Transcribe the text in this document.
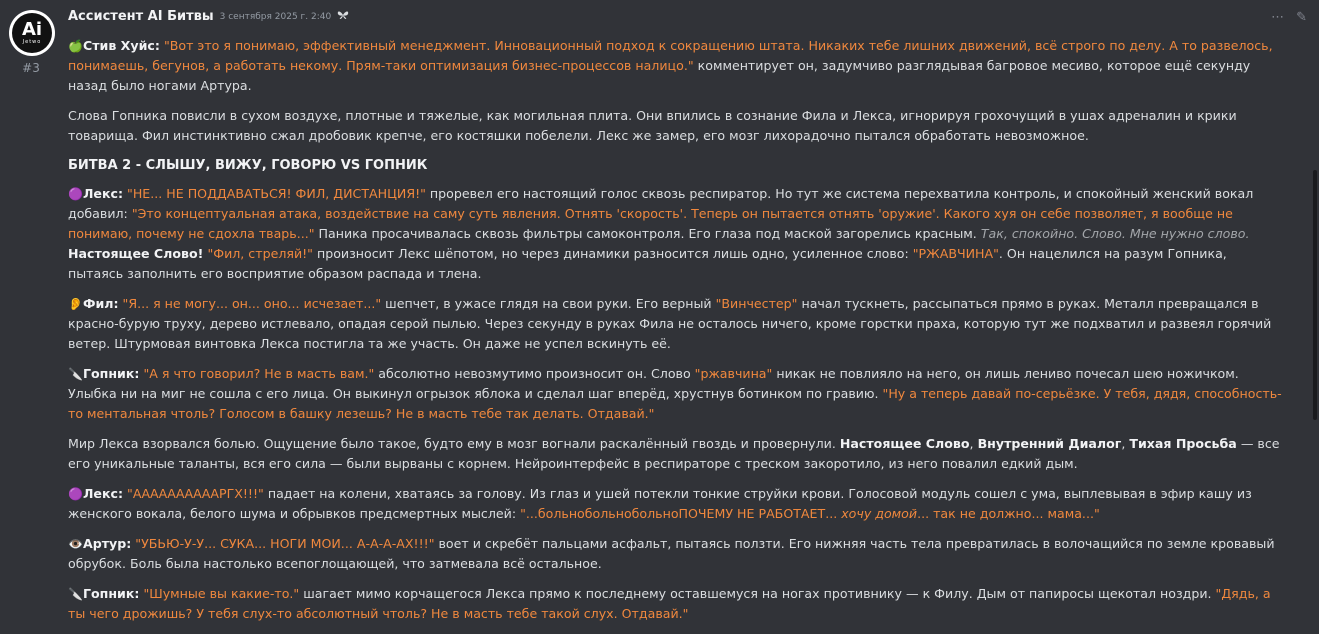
Ai
Jetwo
#3
Ассистент AI Битвы 3 сентября 2025 г. 2:40	⋯ ✎

🍏Стив Хуйс: "Вот это я понимаю, эффективный менеджмент. Инновационный подход к сокращению штата. Никаких тебе лишних движений, всё строго по делу. А то развелось, понимаешь, бегунов, а работать некому. Прям-таки оптимизация бизнес-процессов налицо." комментирует он, задумчиво разглядывая багровое месиво, которое ещё секунду назад было ногами Артура.

Слова Гопника повисли в сухом воздухе, плотные и тяжелые, как могильная плита. Они впились в сознание Фила и Лекса, игнорируя грохочущий в ушах адреналин и крики товарища. Фил инстинктивно сжал дробовик крепче, его костяшки побелели. Лекс же замер, его мозг лихорадочно пытался обработать невозможное.

БИТВА 2 - СЛЫШУ, ВИЖУ, ГОВОРЮ VS ГОПНИК

🟣Лекс: "НЕ... НЕ ПОДДАВАТЬСЯ! ФИЛ, ДИСТАНЦИЯ!" проревел его настоящий голос сквозь респиратор. Но тут же система перехватила контроль, и спокойный женский вокал добавил: "Это концептуальная атака, воздействие на саму суть явления. Отнять 'скорость'. Теперь он пытается отнять 'оружие'. Какого хуя он себе позволяет, я вообще не понимаю, почему не сдохла тварь..." Паника просачивалась сквозь фильтры самоконтроля. Его глаза под маской загорелись красным. Так, спокойно. Слово. Мне нужно слово. Настоящее Слово! "Фил, стреляй!" произносит Лекс шёпотом, но через динамики разносится лишь одно, усиленное слово: "РЖАВЧИНА". Он нацелился на разум Гопника, пытаясь заполнить его восприятие образом распада и тлена.

👂Фил: "Я... я не могу... он... оно... исчезает..." шепчет, в ужасе глядя на свои руки. Его верный "Винчестер" начал тускнеть, рассыпаться прямо в руках. Металл превращался в красно-бурую труху, дерево истлевало, опадая серой пылью. Через секунду в руках Фила не осталось ничего, кроме горстки праха, которую тут же подхватил и развеял горячий ветер. Штурмовая винтовка Лекса постигла та же участь. Он даже не успел вскинуть её.

🔪Гопник: "А я что говорил? Не в масть вам." абсолютно невозмутимо произносит он. Слово "ржавчина" никак не повлияло на него, он лишь лениво почесал шею ножичком. Улыбка ни на миг не сошла с его лица. Он выкинул огрызок яблока и сделал шаг вперёд, хрустнув ботинком по гравию. "Ну а теперь давай по-серьёзке. У тебя, дядя, способность-то ментальная чтоль? Голосом в башку лезешь? Не в масть тебе так делать. Отдавай."

Мир Лекса взорвался болью. Ощущение было такое, будто ему в мозг вогнали раскалённый гвоздь и провернули. Настоящее Слово, Внутренний Диалог, Тихая Просьба — все его уникальные таланты, вся его сила — были вырваны с корнем. Нейроинтерфейс в респираторе с треском закоротило, из него повалил едкий дым.

🟣Лекс: "ААААААААААРГХ!!!" падает на колени, хватаясь за голову. Из глаз и ушей потекли тонкие струйки крови. Голосовой модуль сошел с ума, выплевывая в эфир кашу из женского вокала, белого шума и обрывков предсмертных мыслей: "...больнобольнобольноПОЧЕМУ НЕ РАБОТАЕТ... хочу домой... так не должно... мама..."

👁️Артур: "УБЬЮ-У-У... СУКА... НОГИ МОИ... А-А-А-АХ!!!" воет и скребёт пальцами асфальт, пытаясь ползти. Его нижняя часть тела превратилась в волочащийся по земле кровавый обрубок. Боль была настолько всепоглощающей, что затмевала всё остальное.

🔪Гопник: "Шумные вы какие-то." шагает мимо корчащегося Лекса прямо к последнему оставшемуся на ногах противнику — к Филу. Дым от папиросы щекотал ноздри. "Дядь, а ты чего дрожишь? У тебя слух-то абсолютный чтоль? Не в масть тебе такой слух. Отдавай."
